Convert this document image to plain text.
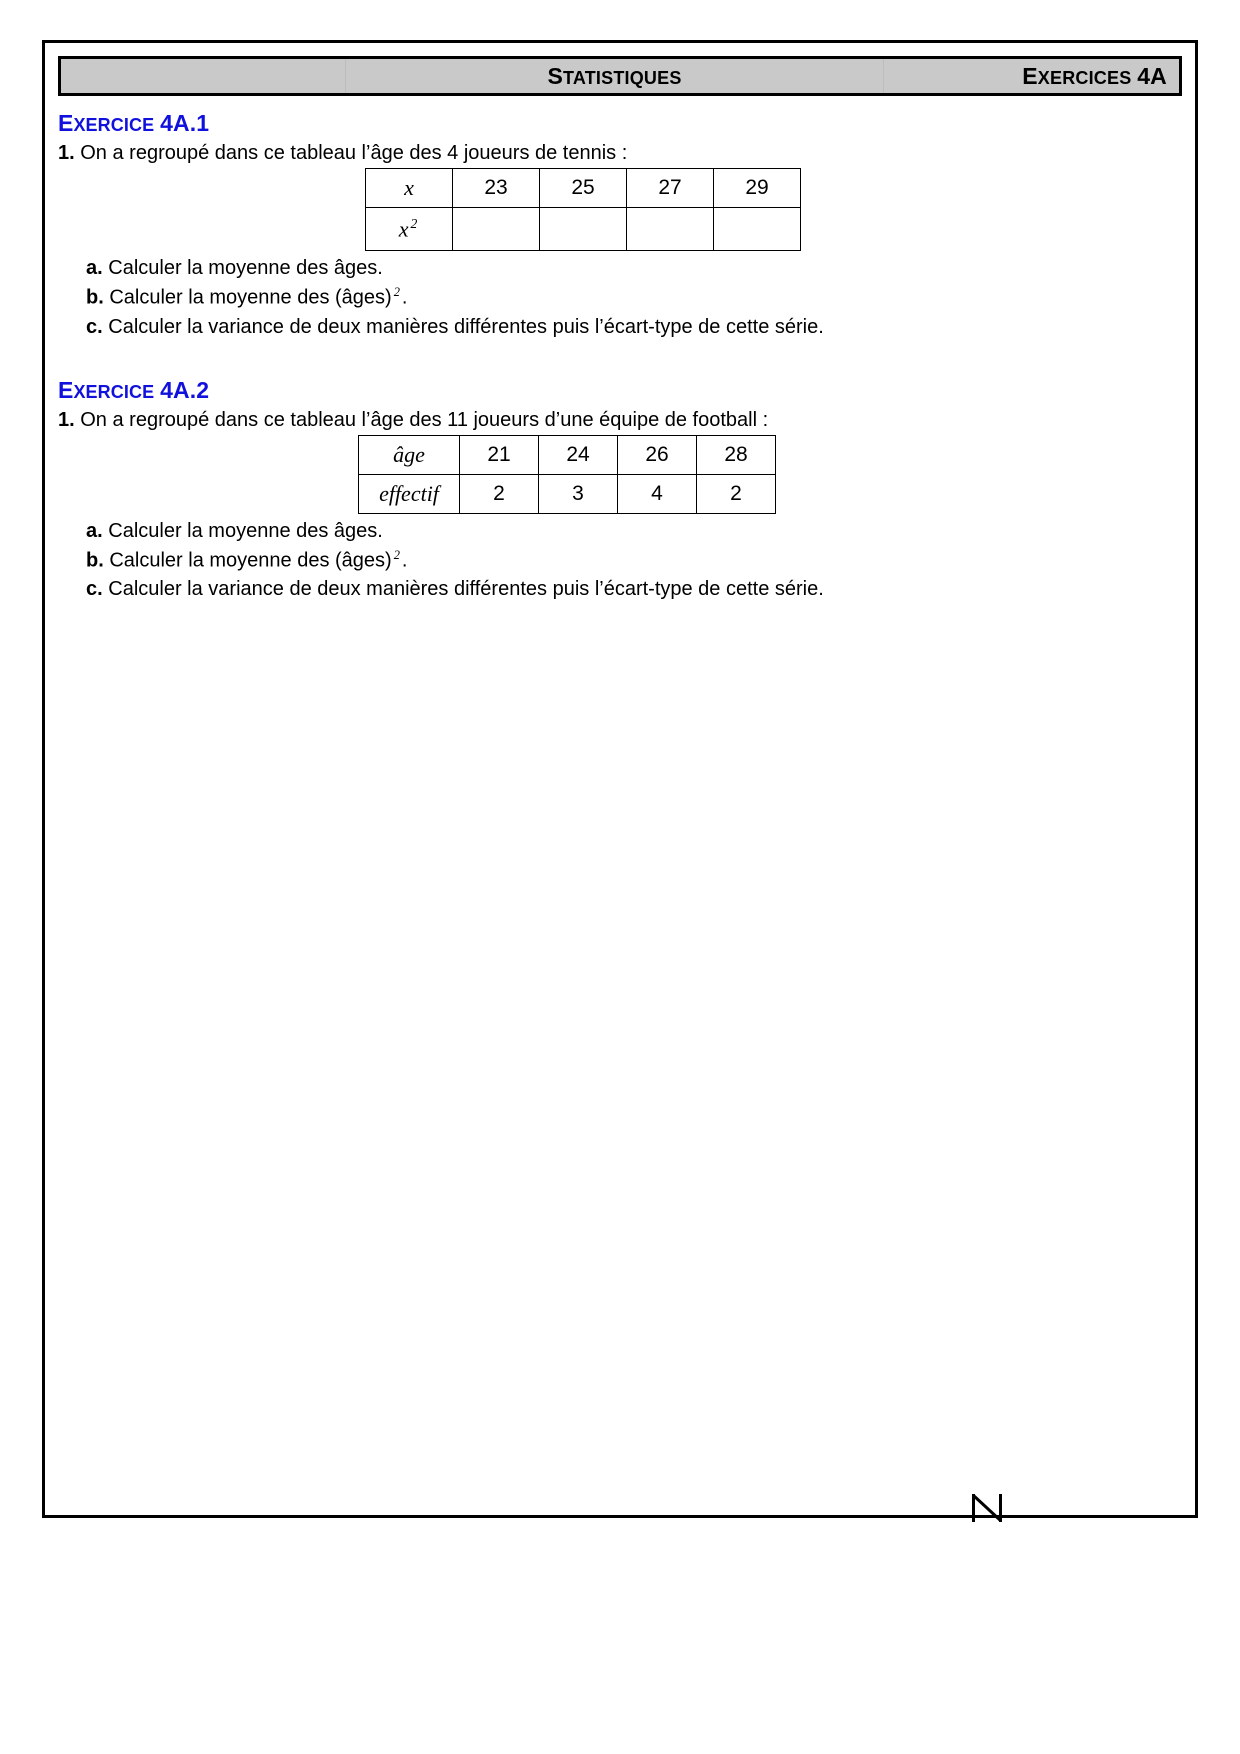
STATISTIQUES	EXERCICES 4A
EXERCICE 4A.1
1. On a regroupé dans ce tableau l’âge des 4 joueurs de tennis :
x	23	25	27	29
x $^2$				
a. Calculer la moyenne des âges.
b. Calculer la moyenne des (âges) $^2$ .
c. Calculer la variance de deux manières différentes puis l’écart-type de cette série.
EXERCICE 4A.2
1. On a regroupé dans ce tableau l’âge des 11 joueurs d’une équipe de football :
âge	21	24	26	28
effectif	2	3	4	2
a. Calculer la moyenne des âges.
b. Calculer la moyenne des (âges) $^2$ .
c. Calculer la variance de deux manières différentes puis l’écart-type de cette série.
